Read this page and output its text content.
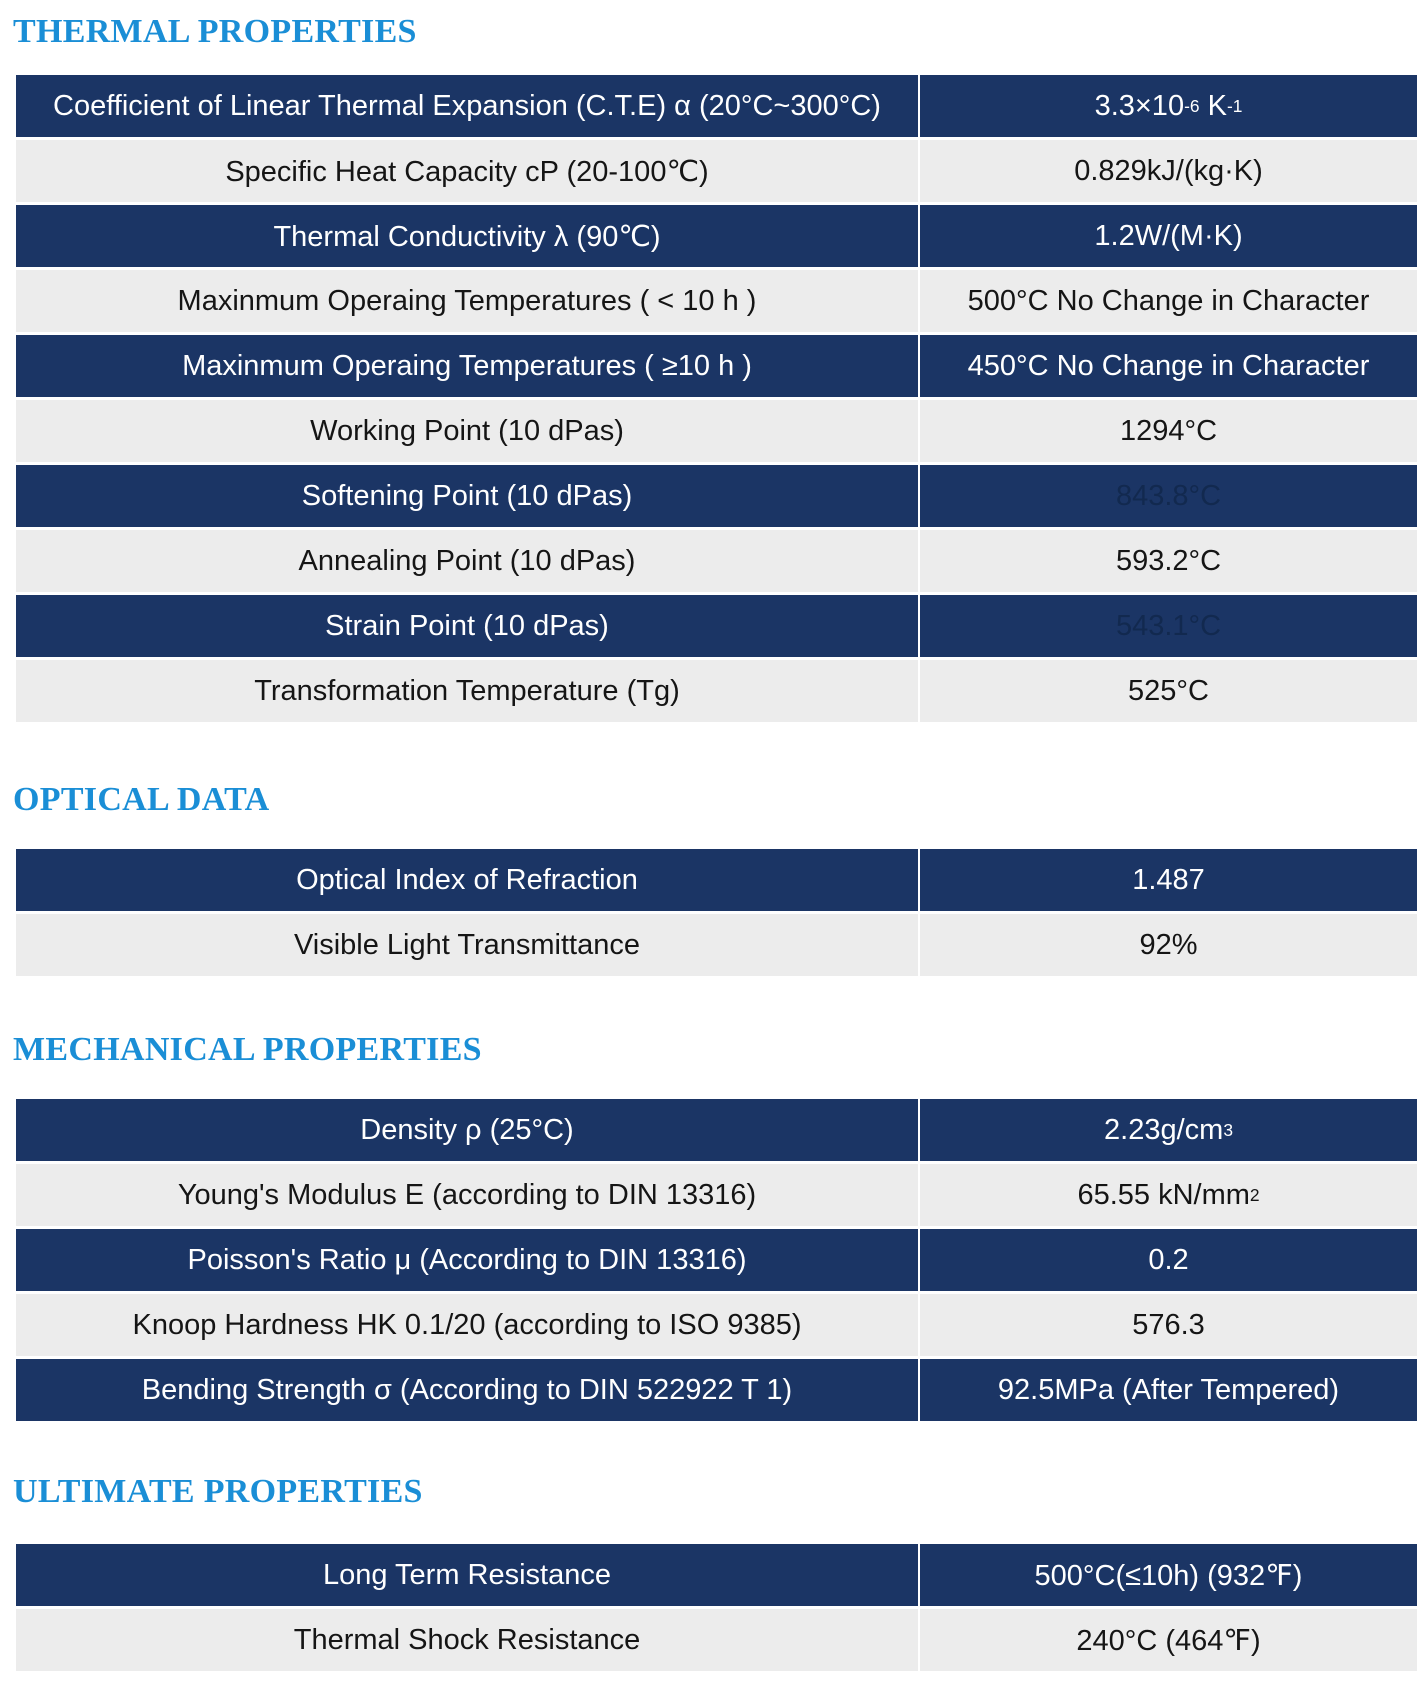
THERMAL PROPERTIES
Coefficient of Linear Thermal Expansion (C.T.E) α (20°C~300°C)	3.3×10 -6 K -1
Specific Heat Capacity cP (20-100℃)	0.829kJ/(kg·K)
Thermal Conductivity λ (90℃)	1.2W/(M·K)
Maxinmum Operaing Temperatures ( < 10 h )	500°C No Change in Character
Maxinmum Operaing Temperatures ( ≥10 h )	450°C No Change in Character
Working Point (10 dPas)	1294°C
Softening Point (10 dPas)	843.8°C
Annealing Point (10 dPas)	593.2°C
Strain Point (10 dPas)	543.1°C
Transformation Temperature (Tg)	525°C
OPTICAL DATA
Optical Index of Refraction	1.487
Visible Light Transmittance	92%
MECHANICAL PROPERTIES
Density ρ (25°C)	2.23g/cm 3
Young's Modulus E (according to DIN 13316)	65.55 kN/mm 2
Poisson's Ratio μ (According to DIN 13316)	0.2
Knoop Hardness HK 0.1/20 (according to ISO 9385)	576.3
Bending Strength σ (According to DIN 522922 T 1)	92.5MPa (After Tempered)
ULTIMATE PROPERTIES
Long Term Resistance	500°C(≤10h) (932℉)
Thermal Shock Resistance	240°C (464℉)
